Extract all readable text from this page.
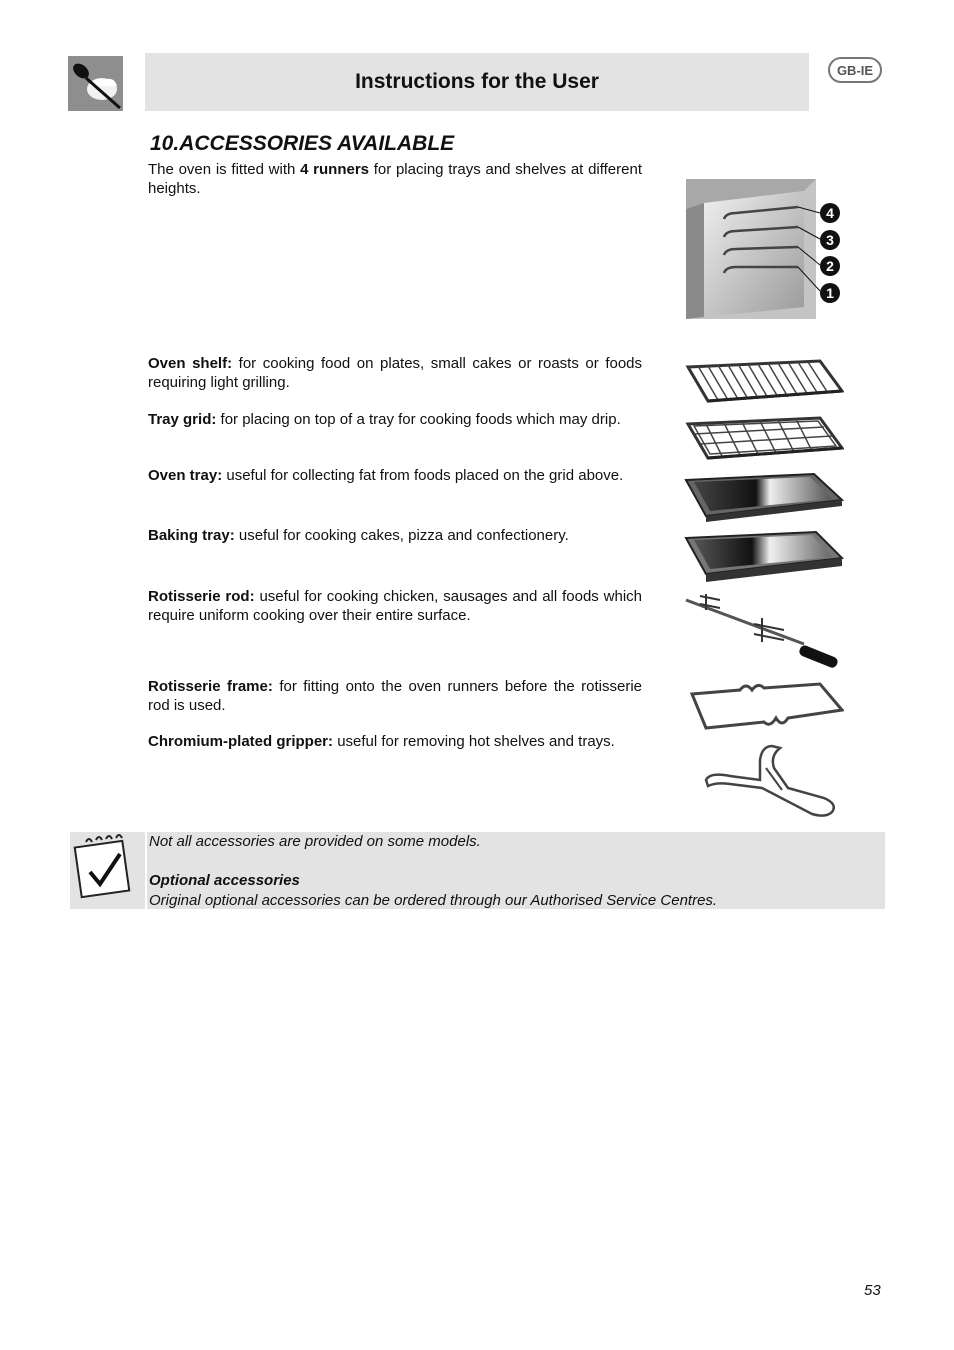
Instructions for the User	GB-IE
10.ACCESSORIES AVAILABLE

The oven is fitted with 4 runners for placing trays and shelves at different heights.

4
3
2
1

Oven shelf: for cooking food on plates, small cakes or roasts or foods requiring light grilling.

Tray grid: for placing on top of a tray for cooking foods which may drip.

Oven tray: useful for collecting fat from foods placed on the grid above.

Baking tray: useful for cooking cakes, pizza and confectionery.

Rotisserie rod: useful for cooking chicken, sausages and all foods which require uniform cooking over their entire surface.

Rotisserie frame: for fitting onto the oven runners before the rotisserie rod is used.

Chromium-plated gripper: useful for removing hot shelves and trays.

Not all accessories are provided on some models.

Optional accessories

Original optional accessories can be ordered through our Authorised Service Centres.

53
